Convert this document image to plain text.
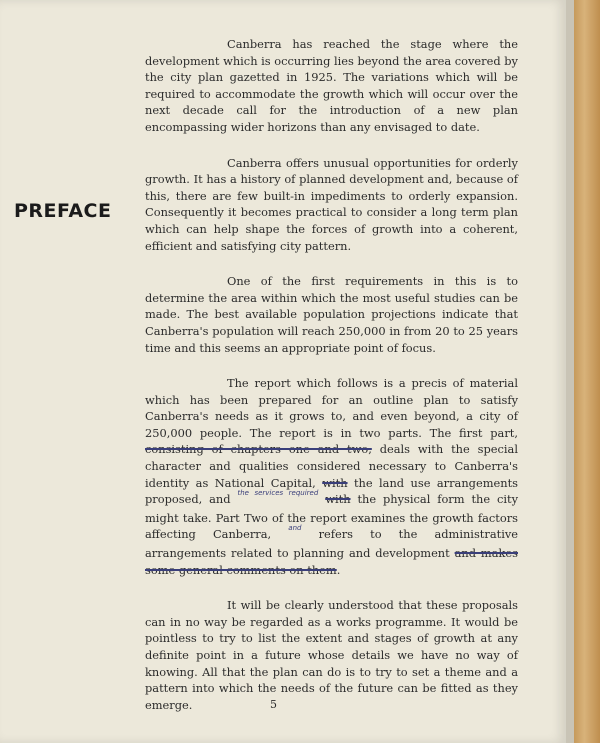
PREFACE

Canberra has reached the stage where the development which is occurring lies beyond the area covered by the city plan gazetted in 1925. The variations which will be required to accommodate the growth which will occur over the next decade call for the introduction of a new plan encompassing wider horizons than any envisaged to date.

Canberra offers unusual opportunities for orderly growth. It has a history of planned development and, because of this, there are few built-in impediments to orderly expansion. Consequently it becomes practical to consider a long term plan which can help shape the forces of growth into a coherent, efficient and satisfying city pattern.

One of the first requirements in this is to determine the area within which the most useful studies can be made. The best available population projections indicate that Canberra's population will reach 250,000 in from 20 to 25 years time and this seems an appropriate point of focus.

The report which follows is a precis of material which has been prepared for an outline plan to satisfy Canberra's needs as it grows to, and even beyond, a city of 250,000 people. The report is in two parts. The first part, consisting of chapters one and two, deals with the special character and qualities considered necessary to Canberra's identity as National Capital, with the land use arrangements proposed, and $^{the services required}$ with the physical form the city might take. Part Two of the report examines the growth factors affecting Canberra, $^{and}$ refers to the administrative arrangements related to planning and development and makes some general comments on them.

It will be clearly understood that these proposals can in no way be regarded as a works programme. It would be pointless to try to list the extent and stages of growth at any definite point in a future whose details we have no way of knowing. All that the plan can do is to try to set a theme and a pattern into which the needs of the future can be fitted as they emerge.	5
